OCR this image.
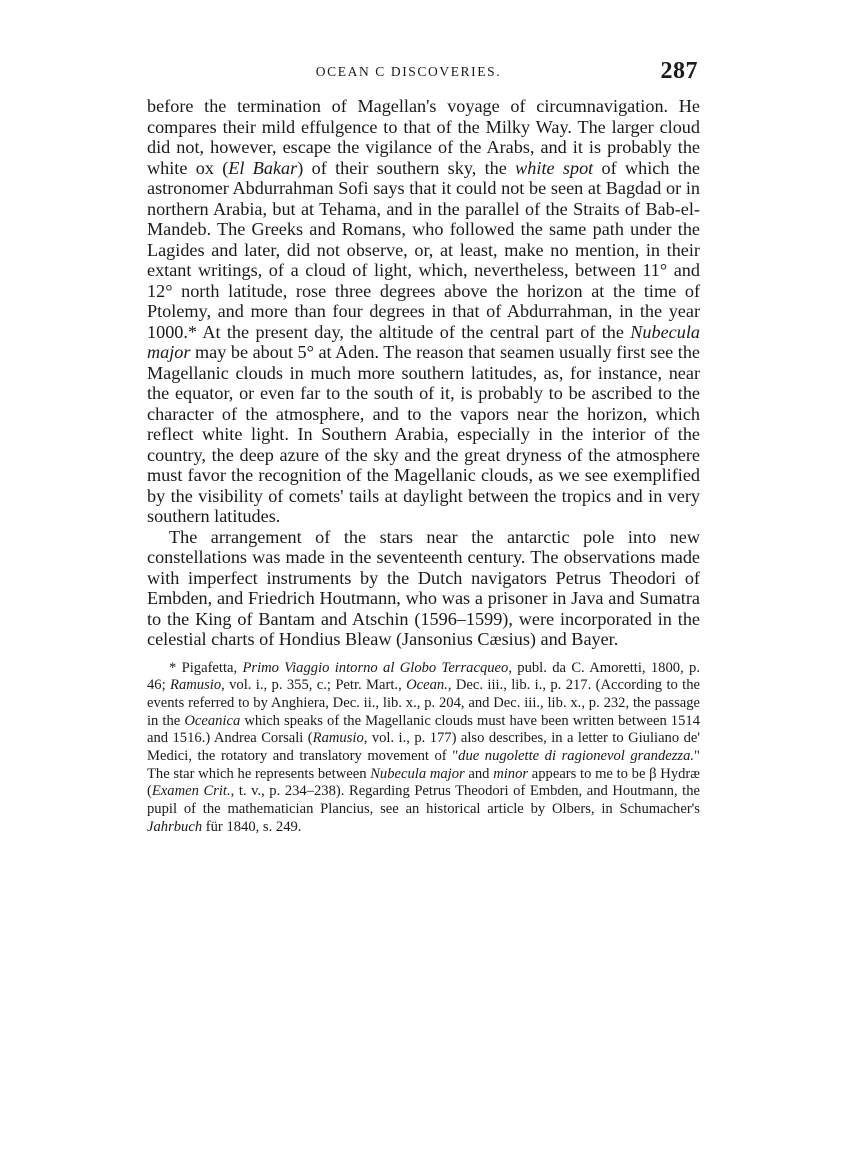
OCEAN C DISCOVERIES.	287

before the termination of Magellan's voyage of circumnavigation. He compares their mild effulgence to that of the Milky Way. The larger cloud did not, however, escape the vigilance of the Arabs, and it is probably the white ox (El Bakar) of their southern sky, the white spot of which the astronomer Abdurrahman Sofi says that it could not be seen at Bagdad or in northern Arabia, but at Tehama, and in the parallel of the Straits of Bab-el-Mandeb. The Greeks and Romans, who followed the same path under the Lagides and later, did not observe, or, at least, make no mention, in their extant writings, of a cloud of light, which, nevertheless, between 11° and 12° north latitude, rose three degrees above the horizon at the time of Ptolemy, and more than four degrees in that of Abdurrahman, in the year 1000.* At the present day, the altitude of the central part of the Nubecula major may be about 5° at Aden. The reason that seamen usually first see the Magellanic clouds in much more southern latitudes, as, for instance, near the equator, or even far to the south of it, is probably to be ascribed to the character of the atmosphere, and to the vapors near the horizon, which reflect white light. In Southern Arabia, especially in the interior of the country, the deep azure of the sky and the great dryness of the atmosphere must favor the recognition of the Magellanic clouds, as we see exemplified by the visibility of comets' tails at daylight between the tropics and in very southern latitudes.

The arrangement of the stars near the antarctic pole into new constellations was made in the seventeenth century. The observations made with imperfect instruments by the Dutch navigators Petrus Theodori of Embden, and Friedrich Houtmann, who was a prisoner in Java and Sumatra to the King of Bantam and Atschin (1596–1599), were incorporated in the celestial charts of Hondius Bleaw (Jansonius Cæsius) and Bayer.

* Pigafetta, Primo Viaggio intorno al Globo Terracqueo, publ. da C. Amoretti, 1800, p. 46; Ramusio, vol. i., p. 355, c.; Petr. Mart., Ocean., Dec. iii., lib. i., p. 217. (According to the events referred to by Anghiera, Dec. ii., lib. x., p. 204, and Dec. iii., lib. x., p. 232, the passage in the Oceanica which speaks of the Magellanic clouds must have been written between 1514 and 1516.) Andrea Corsali (Ramusio, vol. i., p. 177) also describes, in a letter to Giuliano de' Medici, the rotatory and translatory movement of "due nugolette di ragionevol grandezza." The star which he represents between Nubecula major and minor appears to me to be β Hydræ (Examen Crit., t. v., p. 234–238). Regarding Petrus Theodori of Embden, and Houtmann, the pupil of the mathematician Plancius, see an historical article by Olbers, in Schumacher's Jahrbuch für 1840, s. 249.
